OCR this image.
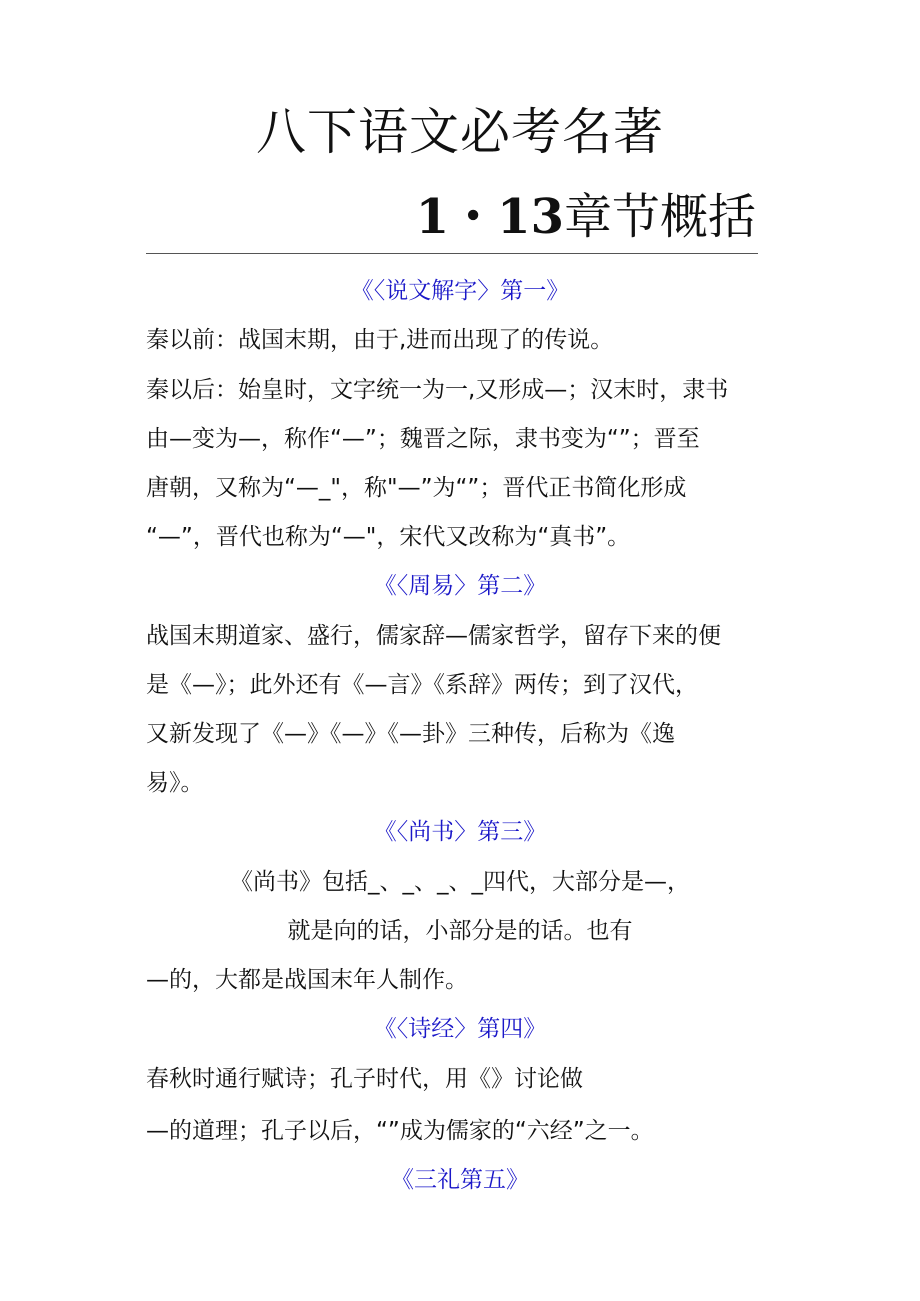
八下语文必考名著
1・13章节概括
《〈说文解字〉第一》
秦以前：战国末期，由于,进而出现了的传说。
秦以后：始皇时，文字统一为一,又形成—；汉末时，隶书
由—变为—，称作“—”；魏晋之际，隶书变为“”；晋至
唐朝，又称为“—_"，称"—”为“”；晋代正书简化形成
“—”，晋代也称为“—"，宋代又改称为“真书”。
《〈周易〉第二》
战国末期道家、盛行，儒家辞—儒家哲学，留存下来的便
是《—》；此外还有《—言》《系辞》两传；到了汉代，
又新发现了《—》《—》《—卦》三种传，后称为《逸
易》。
《〈尚书〉第三》
《尚书》包括_、_、_、_四代，大部分是—，
就是向的话，小部分是的话。也有
—的，大都是战国末年人制作。
《〈诗经〉第四》
春秋时通行赋诗；孔子时代，用《》讨论做
—的道理；孔子以后，“”成为儒家的“六经”之一。
《三礼第五》
